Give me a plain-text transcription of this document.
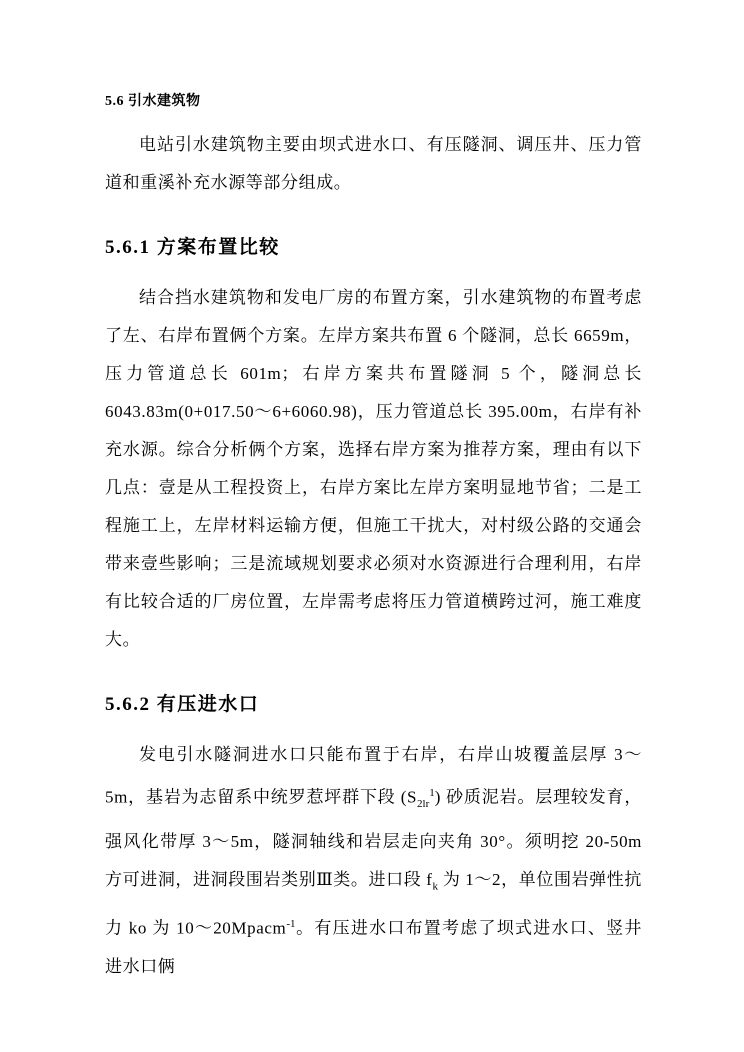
5.6 引水建筑物

电站引水建筑物主要由坝式进水口、有压隧洞、调压井、压力管道和重溪补充水源等部分组成。

5.6.1 方案布置比较

结合挡水建筑物和发电厂房的布置方案，引水建筑物的布置考虑了左、右岸布置俩个方案。左岸方案共布置 6 个隧洞，总长 6659m，压力管道总长 601m；右岸方案共布置隧洞 5 个，隧洞总长 6043.83m(0+017.50～6+6060.98)，压力管道总长 395.00m，右岸有补充水源。综合分析俩个方案，选择右岸方案为推荐方案，理由有以下几点：壹是从工程投资上，右岸方案比左岸方案明显地节省；二是工程施工上，左岸材料运输方便，但施工干扰大，对村级公路的交通会带来壹些影响；三是流域规划要求必须对水资源进行合理利用，右岸有比较合适的厂房位置，左岸需考虑将压力管道横跨过河，施工难度大。

5.6.2 有压进水口

发电引水隧洞进水口只能布置于右岸，右岸山坡覆盖层厚 3～5m，基岩为志留系中统罗惹坪群下段 $(S_{2lr}^1)$ 砂质泥岩。层理较发育，强风化带厚 3～5m，隧洞轴线和岩层走向夹角 30°。须明挖 20-50m 方可进洞，进洞段围岩类别Ⅲ类。进口段 $f_k$ 为 1～2，单位围岩弹性抗力 ko 为 10～20Mpacm$^{-1}$。有压进水口布置考虑了坝式进水口、竖井进水口俩
